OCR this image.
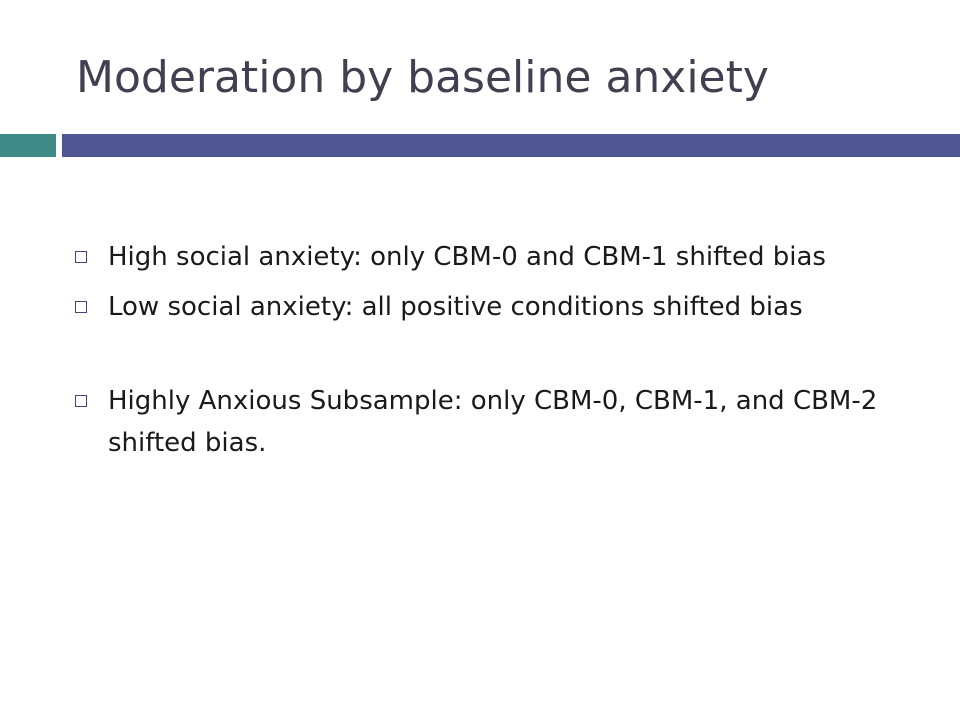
Moderation by baseline anxiety
High social anxiety: only CBM-0 and CBM-1 shifted bias
Low social anxiety: all positive conditions shifted bias
Highly Anxious Subsample: only CBM-0, CBM-1, and CBM-2 shifted bias.
